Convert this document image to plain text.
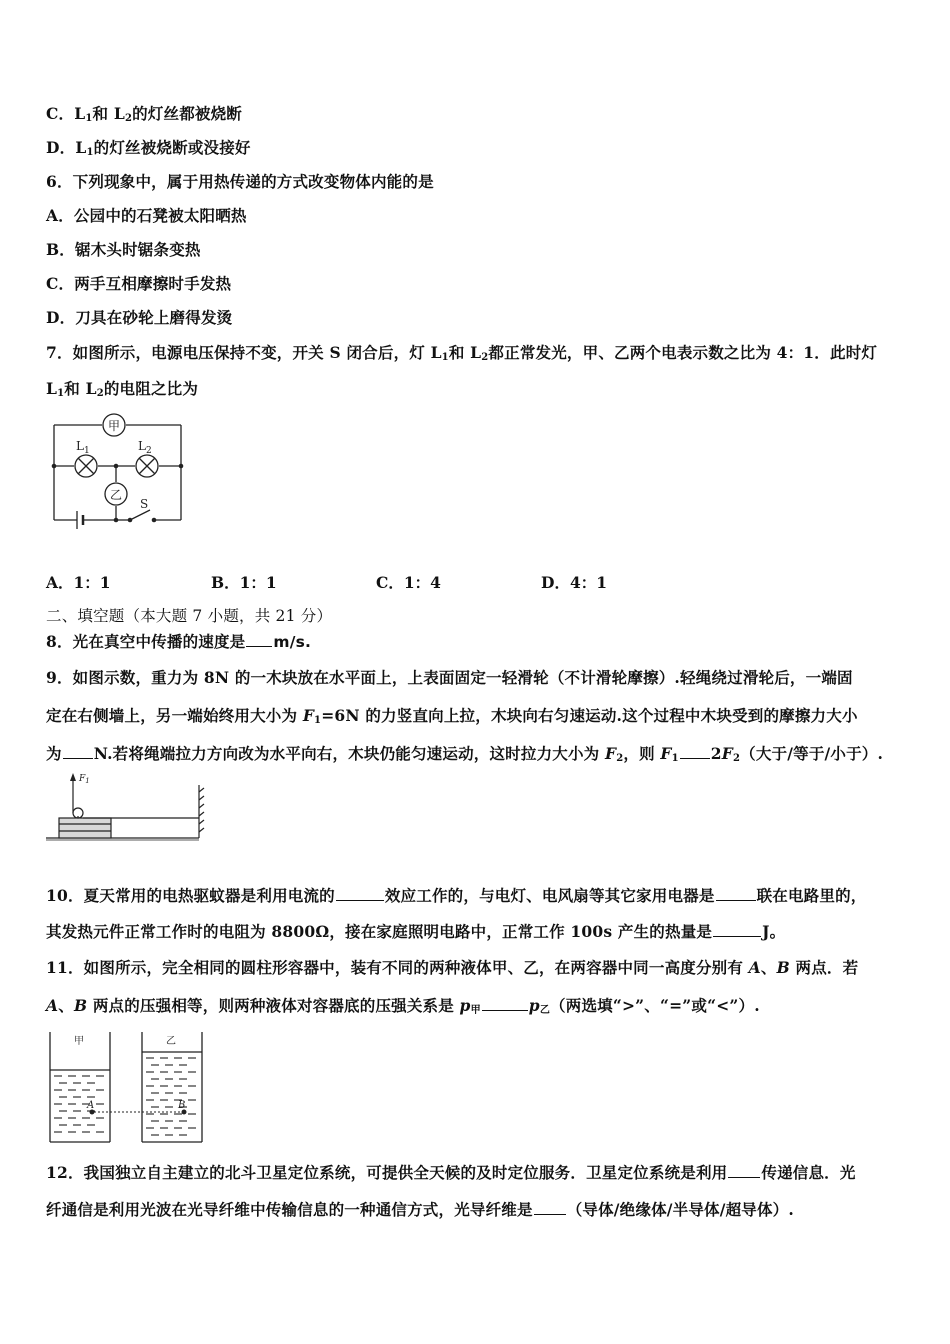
C．$L_1$和 $L_2$的灯丝都被烧断
D．$L_1$的灯丝被烧断或没接好
6．下列现象中，属于用热传递的方式改变物体内能的是
A．公园中的石凳被太阳晒热
B．锯木头时锯条变热
C．两手互相摩擦时手发热
D．刀具在砂轮上磨得发烫
7．如图所示，电源电压保持不变，开关 S 闭合后，灯 $L_1$和 $L_2$都正常发光，甲、乙两个电表示数之比为 4：1．此时灯
$L_1$和 $L_2$的电阻之比为
甲
乙
$L_1$	$L_2$
S
A．1：1	B．1：1	C．1：4	D．4：1
二、填空题（本大题 7 小题，共 21 分）
8．光在真空中传播的速度是 m/s.
9．如图示数，重力为 8N 的一木块放在水平面上，上表面固定一轻滑轮（不计滑轮摩擦）.轻绳绕过滑轮后，一端固
定在右侧墙上，另一端始终用大小为 $F_1=6N$ 的力竖直向上拉，木块向右匀速运动.这个过程中木块受到的摩擦力大小
为 N.若将绳端拉力方向改为水平向右，木块仍能匀速运动，这时拉力大小为 $F_2$，则 $F_1$ $2F_2$（大于/等于/小于）.
$F_1$
10．夏天常用的电热驱蚊器是利用电流的	效应工作的，与电灯、电风扇等其它家用电器是	联在电路里的，
其发热元件正常工作时的电阻为 8800Ω，接在家庭照明电路中，正常工作 100s 产生的热量是	J。
11．如图所示，完全相同的圆柱形容器中，装有不同的两种液体甲、乙，在两容器中同一高度分别有 A、B 两点．若
A、B 两点的压强相等，则两种液体对容器底的压强关系是 $p_甲$	$p_乙$（两选填“>”、“=”或“<”）.
甲	乙
A	B
12．我国独立自主建立的北斗卫星定位系统，可提供全天候的及时定位服务．卫星定位系统是利用 传递信息．光
纤通信是利用光波在光导纤维中传输信息的一种通信方式，光导纤维是 （导体/绝缘体/半导体/超导体）.
